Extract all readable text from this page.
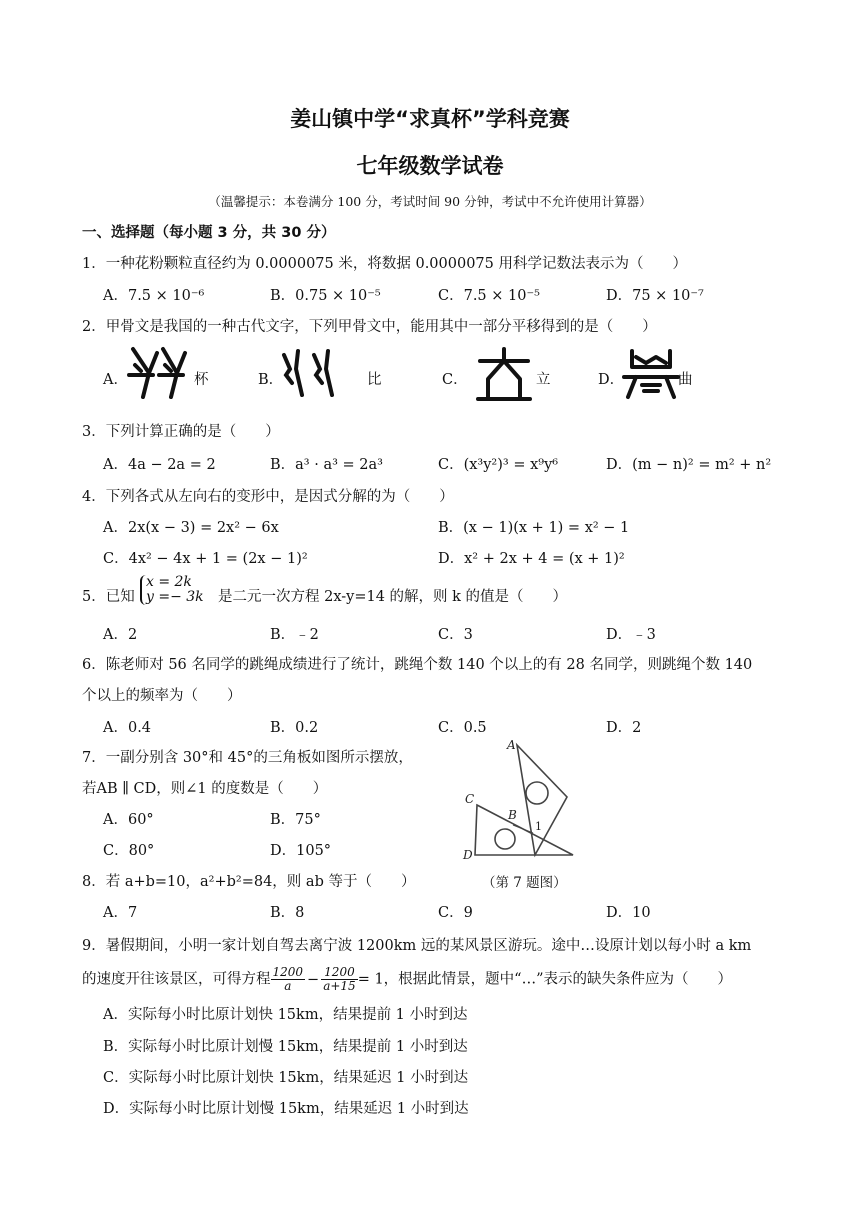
姜山镇中学“求真杯”学科竞赛
七年级数学试卷
（温馨提示：本卷满分 100 分，考试时间 90 分钟，考试中不允许使用计算器）
一、选择题（每小题 3 分，共 30 分）
1．一种花粉颗粒直径约为 0.0000075 米，将数据 0.0000075 用科学记数法表示为（　　）
A．7.5 × 10⁻⁶	B．0.75 × 10⁻⁵	C．7.5 × 10⁻⁵	D．75 × 10⁻⁷
2．甲骨文是我国的一种古代文字，下列甲骨文中，能用其中一部分平移得到的是（　　）
A．	杯	B．	比	C．	立	D．	曲
3．下列计算正确的是（　　）
A．4a − 2a = 2	B．a³ · a³ = 2a³	C．(x³y²)³ = x⁹y⁶	D．(m − n)² = m² + n²
4．下列各式从左向右的变形中，是因式分解的为（　　）
A．2x(x − 3) = 2x² − 6x	B．(x − 1)(x + 1) = x² − 1
C．4x² − 4x + 1 = (2x − 1)²	D．x² + 2x + 4 = (x + 1)²
5．已知
x = 2k
y =− 3k 是二元一次方程 2x-y=14 的解，则 k 的值是（　　）
A．2	B．﹣2	C．3	D．﹣3
6．陈老师对 56 名同学的跳绳成绩进行了统计，跳绳个数 140 个以上的有 28 名同学，则跳绳个数 140
个以上的频率为（　　）
A．0.4	B．0.2	C．0.5	D．2
7．一副分别含 30°和 45°的三角板如图所示摆放，
若AB ∥ CD，则∠1 的度数是（　　）
A．60°	B．75°
C．80°	D．105°
A
C
B
1
D
（第 7 题图）
8．若 a+b=10，a²+b²=84，则 ab 等于（　　）
A．7	B．8	C．9	D．10
9．暑假期间，小明一家计划自驾去离宁波 1200km 远的某风景区游玩。途中…设原计划以每小时 a km
的速度开往该景区，可得方程 $\frac{1200}{a} - \frac{1200}{a+15} = 1$，根据此情景，题中“…”表示的缺失条件应为（　　）
A．实际每小时比原计划快 15km，结果提前 1 小时到达
B．实际每小时比原计划慢 15km，结果提前 1 小时到达
C．实际每小时比原计划快 15km，结果延迟 1 小时到达
D．实际每小时比原计划慢 15km，结果延迟 1 小时到达
